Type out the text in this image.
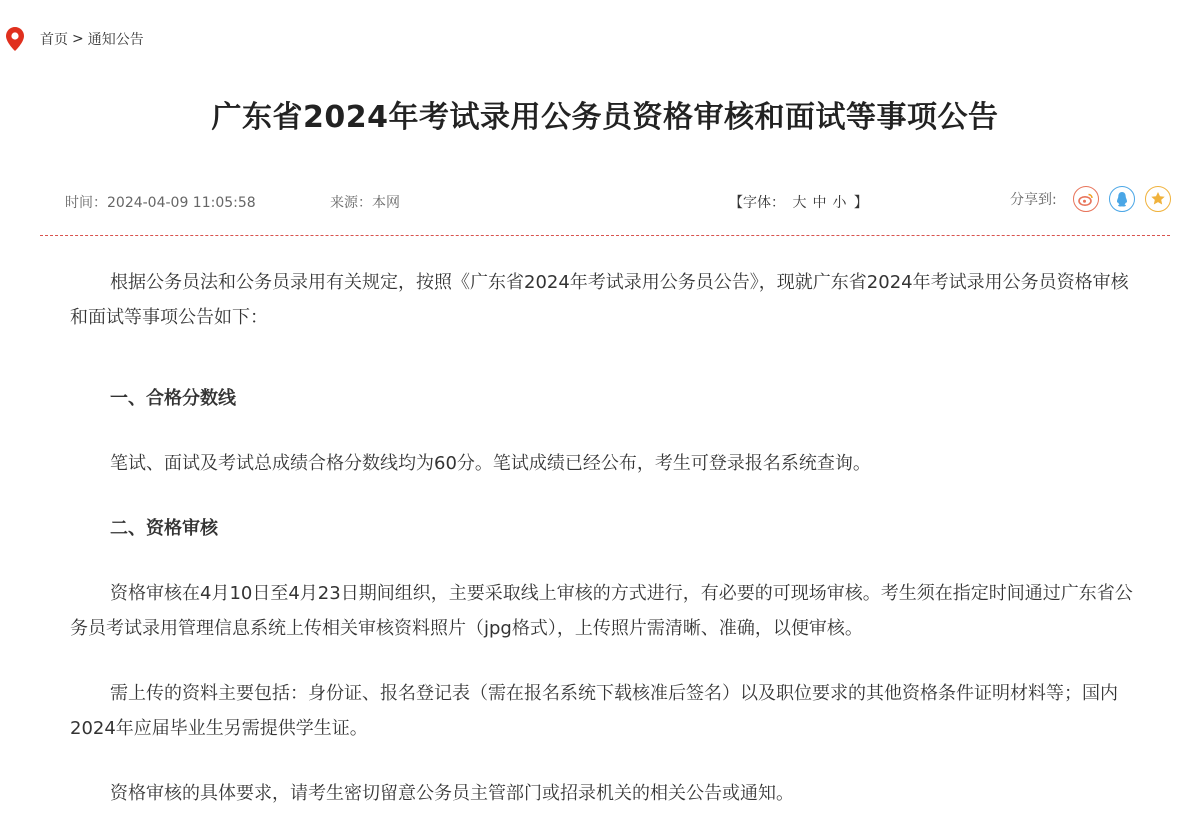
首页 > 通知公告
广东省2024年考试录用公务员资格审核和面试等事项公告
时间：2024-04-09 11:05:58	来源：本网	【字体： 大 中 小 】	分享到:

根据公务员法和公务员录用有关规定，按照《广东省2024年考试录用公务员公告》，现就广东省2024年考试录用公务员资格审核和面试等事项公告如下：

一、合格分数线

笔试、面试及考试总成绩合格分数线均为60分。笔试成绩已经公布，考生可登录报名系统查询。

二、资格审核

资格审核在4月10日至4月23日期间组织，主要采取线上审核的方式进行，有必要的可现场审核。考生须在指定时间通过广东省公务员考试录用管理信息系统上传相关审核资料照片（jpg格式），上传照片需清晰、准确，以便审核。

需上传的资料主要包括：身份证、报名登记表（需在报名系统下载核准后签名）以及职位要求的其他资格条件证明材料等；国内2024年应届毕业生另需提供学生证。

资格审核的具体要求，请考生密切留意公务员主管部门或招录机关的相关公告或通知。
